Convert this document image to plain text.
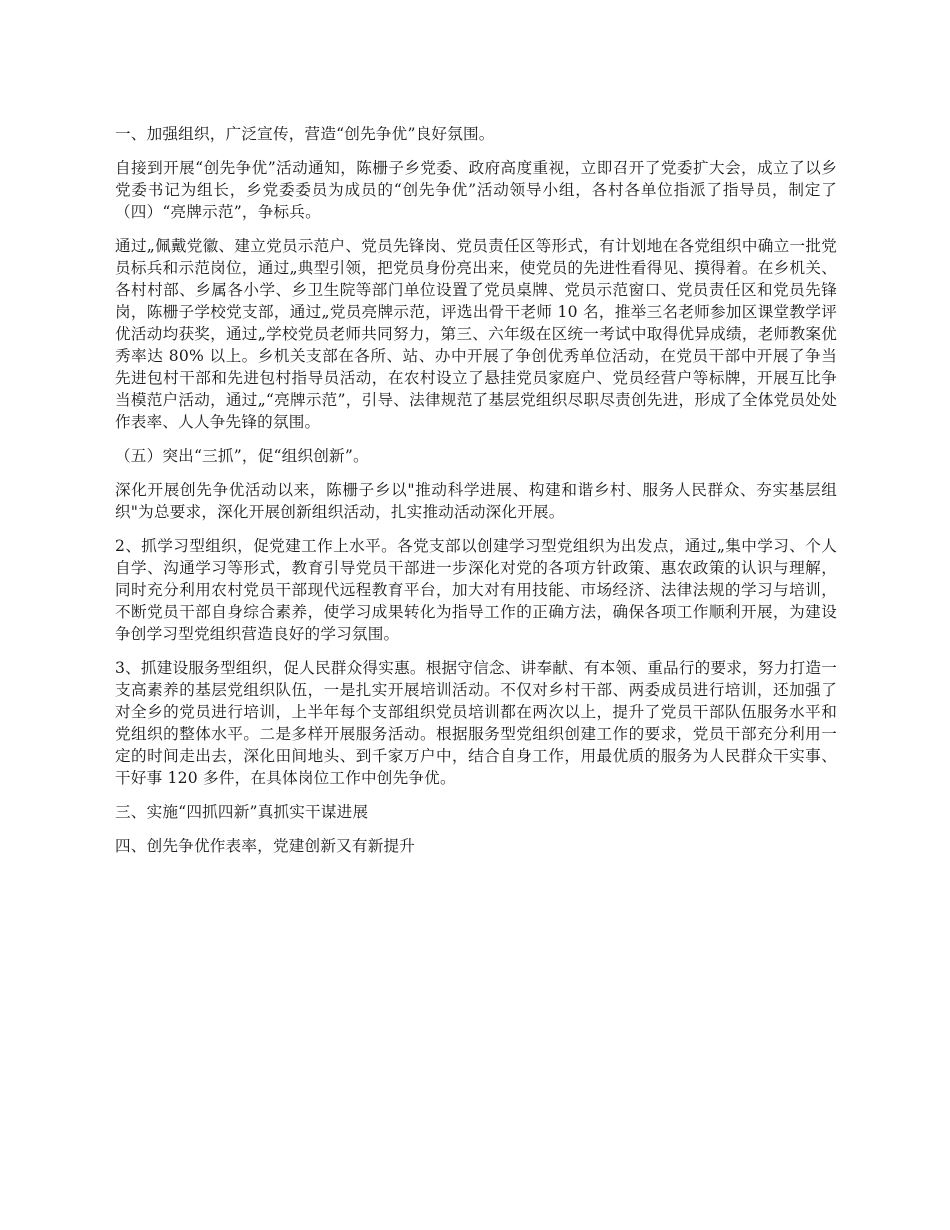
一、加强组织，广泛宣传，营造“创先争优”良好氛围。

自接到开展“创先争优”活动通知，陈栅子乡党委、政府高度重视，立即召开了党委扩大会，成立了以乡党委书记为组长，乡党委委员为成员的“创先争优”活动领导小组，各村各单位指派了指导员，制定了 （四）“亮牌示范”，争标兵。

通过„佩戴党徽、建立党员示范户、党员先锋岗、党员责任区等形式，有计划地在各党组织中确立一批党员标兵和示范岗位，通过„典型引领，把党员身份亮出来，使党员的先进性看得见、摸得着。在乡机关、各村村部、乡属各小学、乡卫生院等部门单位设置了党员桌牌、党员示范窗口、党员责任区和党员先锋岗，陈栅子学校党支部，通过„党员亮牌示范，评选出骨干老师 10 名，推举三名老师参加区课堂教学评优活动均获奖，通过„学校党员老师共同努力，第三、六年级在区统一考试中取得优异成绩，老师教案优秀率达 80% 以上。乡机关支部在各所、站、办中开展了争创优秀单位活动，在党员干部中开展了争当先进包村干部和先进包村指导员活动，在农村设立了悬挂党员家庭户、党员经营户等标牌，开展互比争当模范户活动，通过„“亮牌示范”，引导、法律规范了基层党组织尽职尽责创先进，形成了全体党员处处作表率、人人争先锋的氛围。

（五）突出“三抓”，促“组织创新”。

深化开展创先争优活动以来，陈栅子乡以"推动科学进展、构建和谐乡村、服务人民群众、夯实基层组织"为总要求，深化开展创新组织活动，扎实推动活动深化开展。

2、抓学习型组织，促党建工作上水平。各党支部以创建学习型党组织为出发点，通过„集中学习、个人自学、沟通学习等形式，教育引导党员干部进一步深化对党的各项方针政策、惠农政策的认识与理解，同时充分利用农村党员干部现代远程教育平台，加大对有用技能、市场经济、法律法规的学习与培训，不断党员干部自身综合素养，使学习成果转化为指导工作的正确方法，确保各项工作顺利开展，为建设争创学习型党组织营造良好的学习氛围。

3、抓建设服务型组织，促人民群众得实惠。根据守信念、讲奉献、有本领、重品行的要求，努力打造一支高素养的基层党组织队伍，一是扎实开展培训活动。不仅对乡村干部、两委成员进行培训，还加强了对全乡的党员进行培训，上半年每个支部组织党员培训都在两次以上，提升了党员干部队伍服务水平和党组织的整体水平。二是多样开展服务活动。根据服务型党组织创建工作的要求，党员干部充分利用一定的时间走出去，深化田间地头、到千家万户中，结合自身工作，用最优质的服务为人民群众干实事、干好事 120 多件，在具体岗位工作中创先争优。

三、实施“四抓四新”真抓实干谋进展

四、创先争优作表率，党建创新又有新提升
